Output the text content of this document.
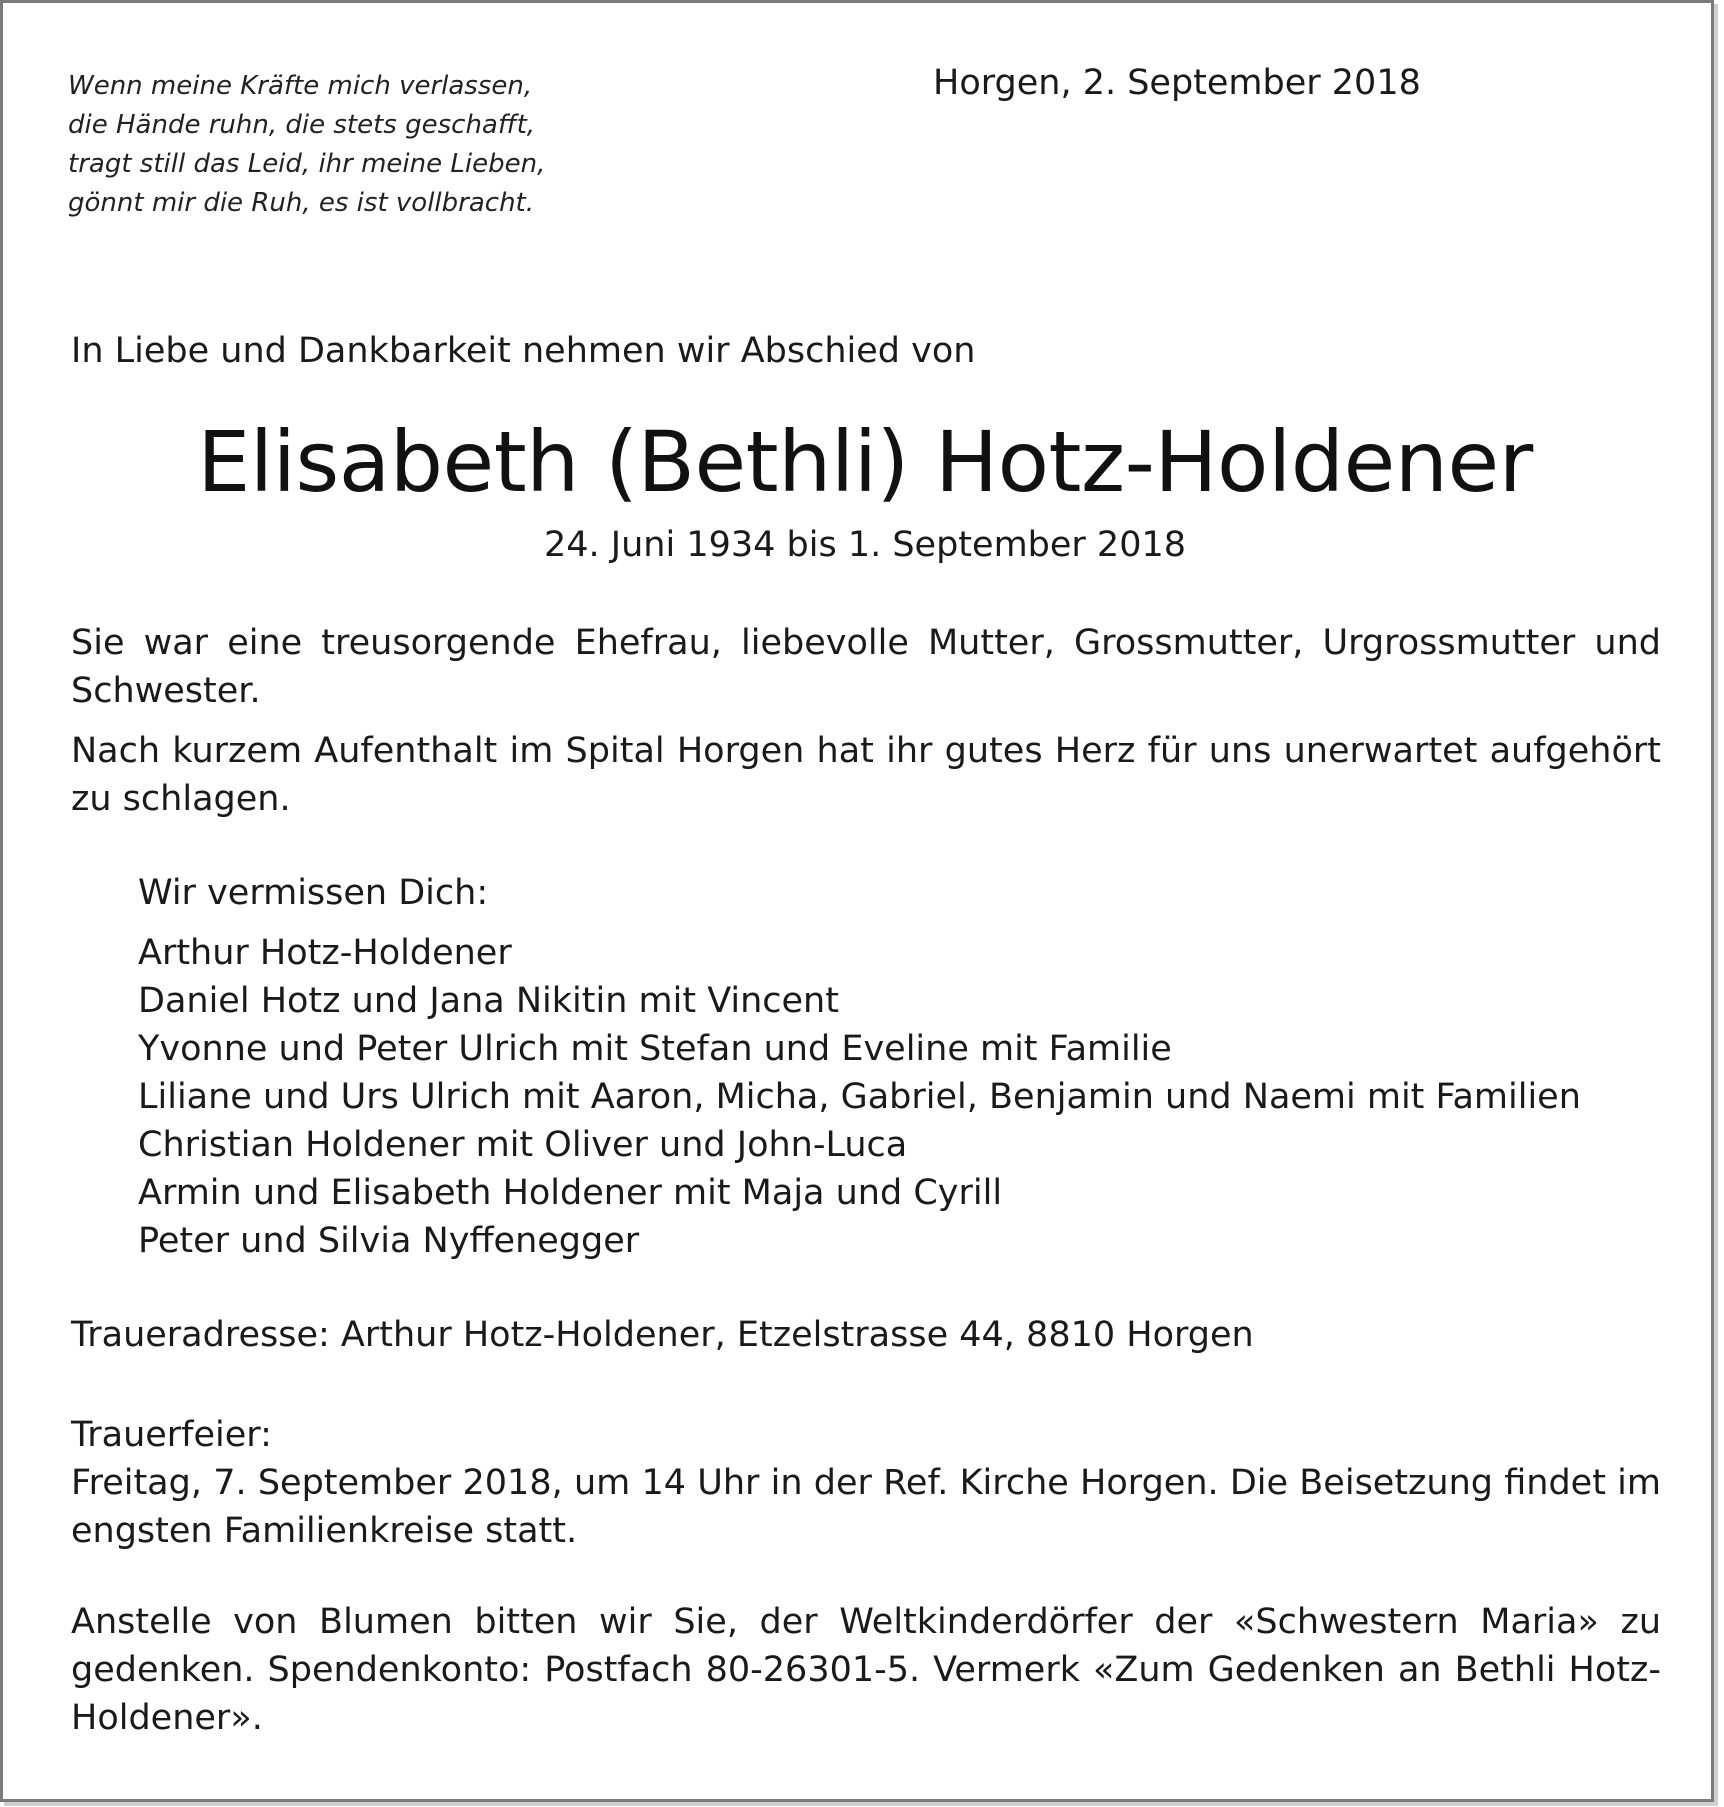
Wenn meine Kräfte mich verlassen,
die Hände ruhn, die stets geschafft,
tragt still das Leid, ihr meine Lieben,
gönnt mir die Ruh, es ist vollbracht.
Horgen, 2. September 2018
In Liebe und Dankbarkeit nehmen wir Abschied von
Elisabeth (Bethli) Hotz-Holdener
24. Juni 1934 bis 1. September 2018
Sie war eine treusorgende Ehefrau, liebevolle Mutter, Grossmutter, Urgrossmutter und Schwester.
Nach kurzem Aufenthalt im Spital Horgen hat ihr gutes Herz für uns unerwartet aufgehört zu schlagen.
Wir vermissen Dich:
Arthur Hotz-Holdener
Daniel Hotz und Jana Nikitin mit Vincent
Yvonne und Peter Ulrich mit Stefan und Eveline mit Familie
Liliane und Urs Ulrich mit Aaron, Micha, Gabriel, Benjamin und Naemi mit Familien
Christian Holdener mit Oliver und John-Luca
Armin und Elisabeth Holdener mit Maja und Cyrill
Peter und Silvia Nyffenegger
Traueradresse: Arthur Hotz-Holdener, Etzelstrasse 44, 8810 Horgen
Trauerfeier:
Freitag, 7. September 2018, um 14 Uhr in der Ref. Kirche Horgen. Die Beisetzung findet im engsten Familienkreise statt.
Anstelle von Blumen bitten wir Sie, der Weltkinderdörfer der «Schwestern Maria» zu gedenken. Spendenkonto: Postfach 80-26301-5. Vermerk «Zum Gedenken an Bethli Hotz-Holdener».
